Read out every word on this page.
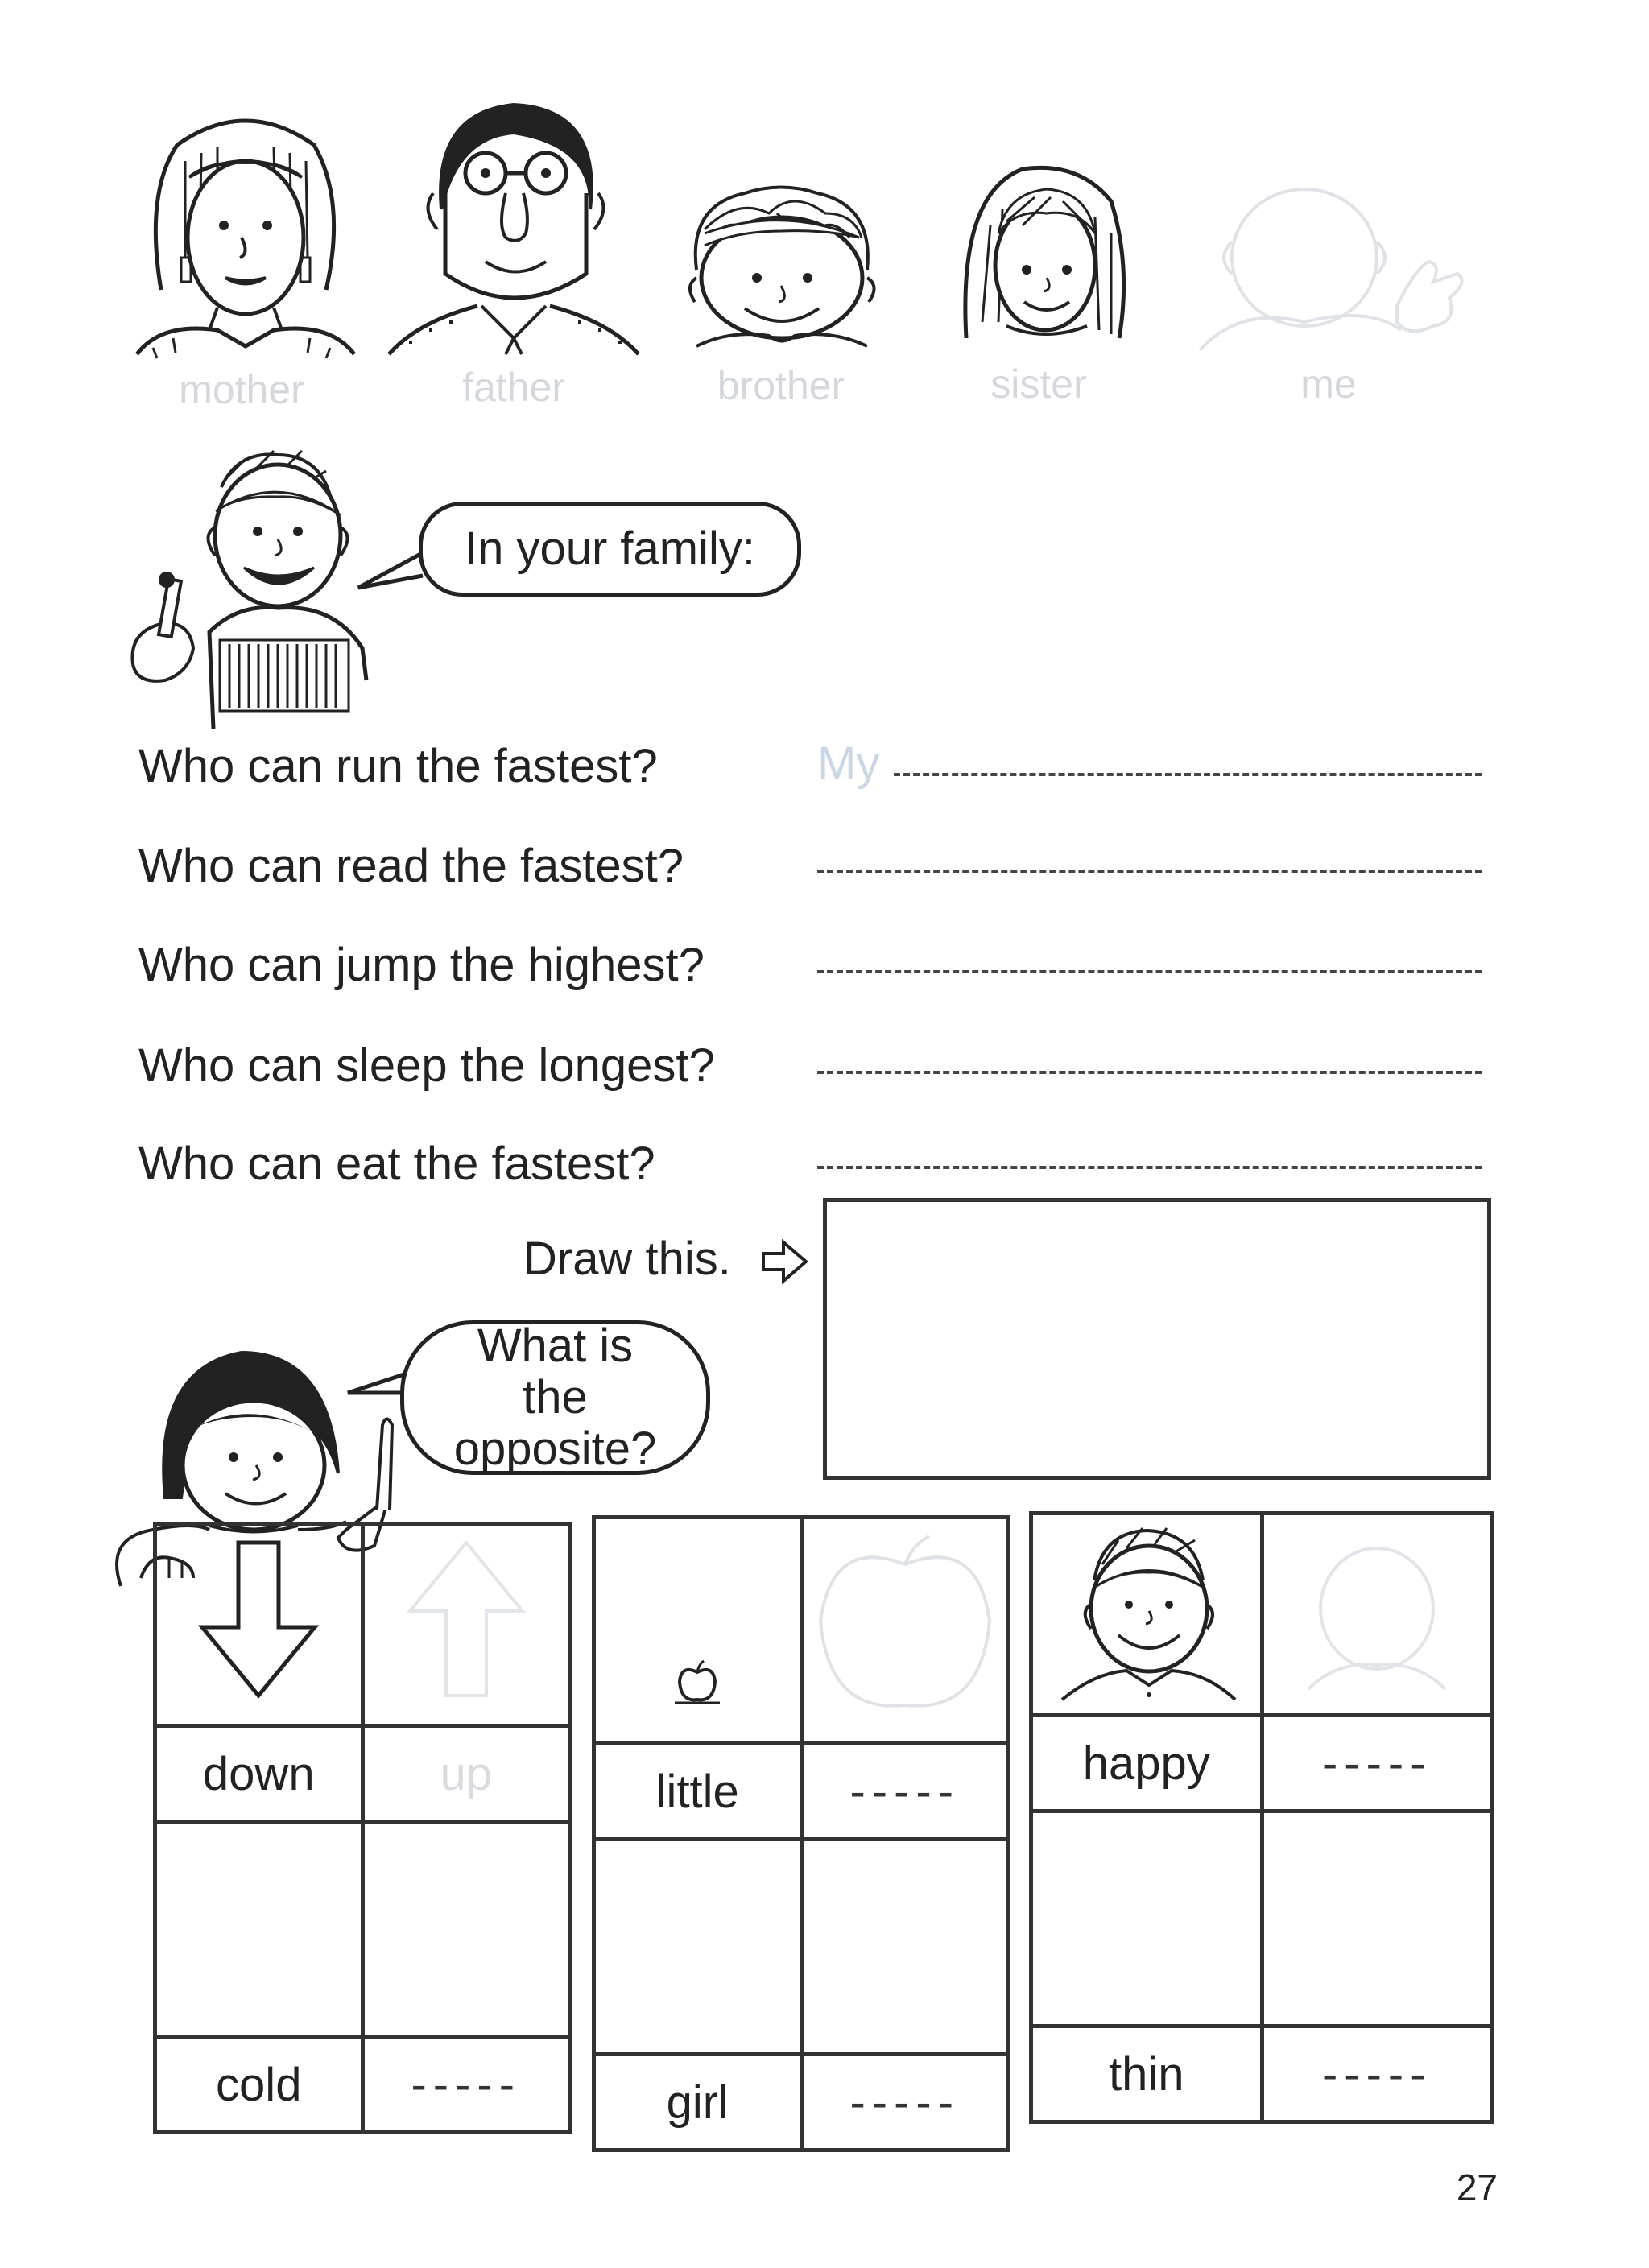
mother	father	brother	sister	me
In your family:
Who can run the fastest?	My
Who can read the fastest?
Who can jump the highest?
Who can sleep the longest?
Who can eat the fastest?
Draw this.
What is the opposite?

down	up

cold	-----

little	-----

girl	-----

happy	-----

thin	-----
27
